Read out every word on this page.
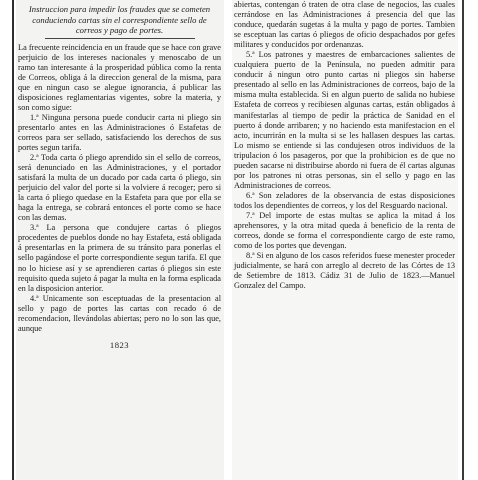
Instruccion para impedir los fraudes que se cometen conduciendo cartas sin el correspondiente sello de correos y pago de portes.

La frecuente reincidencia en un fraude que se hace con grave perjuicio de los intereses nacionales y menoscabo de un ramo tan interesante á la prosperidad pública como la renta de Correos, obliga á la direccion general de la misma, para que en ningun caso se alegue ignorancia, á publicar las disposiciones reglamentarias vigentes, sobre la materia, y son como sigue:

1.ª Ninguna persona puede conducir carta ni pliego sin presentarlo antes en las Administraciones ó Estafetas de correos para ser sellado, satisfaciendo los derechos de sus portes segun tarifa.

2.ª Toda carta ó pliego aprendido sin el sello de correos, será denunciado en las Administraciones, y el portador satisfará la multa de un ducado por cada carta ó pliego, sin perjuicio del valor del porte si la volviere á recoger; pero si la carta ó pliego quedase en la Estafeta para que por ella se haga la entrega, se cobrará entonces el porte como se hace con las demas.

3.ª La persona que condujere cartas ó pliegos procedentes de pueblos donde no hay Estafeta, está obligada á presentarlas en la primera de su tránsito para ponerlas el sello pagándose el porte correspondiente segun tarifa. El que no lo hiciese así y se aprendieren cartas ó pliegos sin este requisito queda sujeto á pagar la multa en la forma esplicada en la disposicion anterior.

4.ª Unicamente son esceptuadas de la presentacion al sello y pago de portes las cartas con recado ó de recomendacion, llevándolas abiertas; pero no lo son las que, aunque

1823

abiertas, contengan ó traten de otra clase de negocios, las cuales cerrándose en las Administraciones á presencia del que las conduce, quedarán sugetas á la multa y pago de portes. Tambien se esceptuan las cartas ó pliegos de oficio despachados por gefes militares y conducidos por ordenanzas.

5.ª Los patrones y maestres de embarcaciones salientes de cualquiera puerto de la Península, no pueden admitir para conducir á ningun otro punto cartas ni pliegos sin haberse presentado al sello en las Administraciones de correos, bajo de la misma multa establecida. Si en algun puerto de salida no hubiese Estafeta de correos y recibiesen algunas cartas, están obligados á manifestarlas al tiempo de pedir la práctica de Sanidad en el puerto á donde arribaren; y no haciendo esta manifestacion en el acto, incurrirán en la multa si se les hallasen despues las cartas. Lo mismo se entiende si las condujesen otros individuos de la tripulacion ó los pasageros, por que la prohibicion es de que no pueden sacarse ni distribuirse abordo ni fuera de él cartas algunas por los patrones ni otras personas, sin el sello y pago en las Administraciones de correos.

6.ª Son zeladores de la observancia de estas disposiciones todos los dependientes de correos, y los del Resguardo nacional.

7.ª Del importe de estas multas se aplica la mitad á los aprehensores, y la otra mitad queda á beneficio de la renta de correos, donde se forma el correspondiente cargo de este ramo, como de los portes que devengan.

8.ª Si en alguno de los casos referidos fuese menester proceder judicialmente, se hará con arreglo al decreto de las Córtes de 13 de Setiembre de 1813. Cádiz 31 de Julio de 1823.—Manuel Gonzalez del Campo.
